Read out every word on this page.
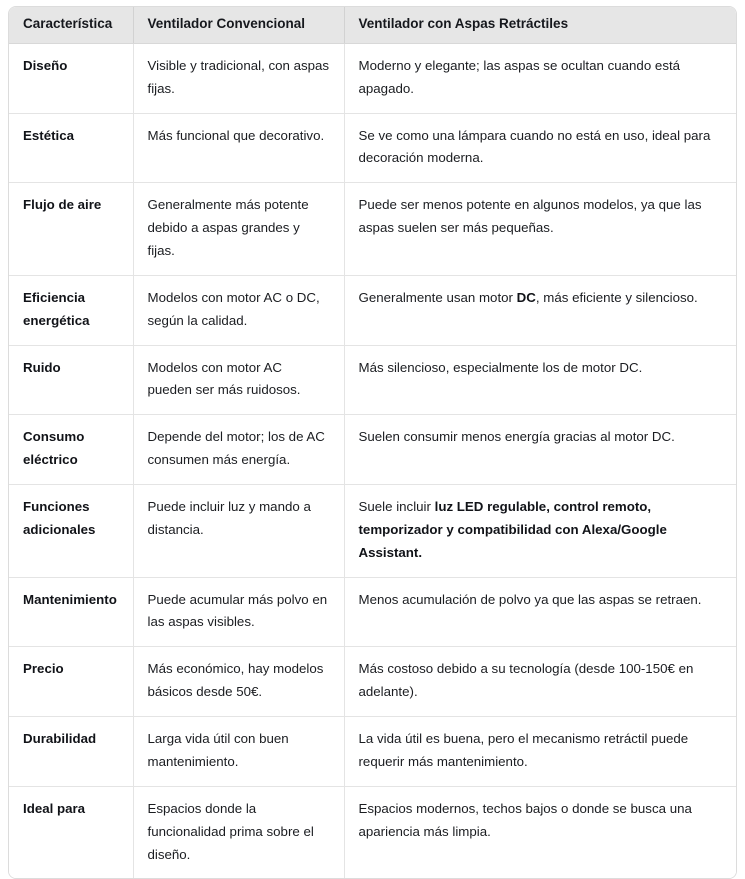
Característica	Ventilador Convencional	Ventilador con Aspas Retráctiles
Diseño	Visible y tradicional, con aspas fijas.	Moderno y elegante; las aspas se ocultan cuando está apagado.
Estética	Más funcional que decorativo.	Se ve como una lámpara cuando no está en uso, ideal para decoración moderna.
Flujo de aire	Generalmente más potente debido a aspas grandes y fijas.	Puede ser menos potente en algunos modelos, ya que las aspas suelen ser más pequeñas.
Eficiencia energética	Modelos con motor AC o DC, según la calidad.	Generalmente usan motor DC, más eficiente y silencioso.
Ruido	Modelos con motor AC pueden ser más ruidosos.	Más silencioso, especialmente los de motor DC.
Consumo eléctrico	Depende del motor; los de AC consumen más energía.	Suelen consumir menos energía gracias al motor DC.
Funciones adicionales	Puede incluir luz y mando a distancia.	Suele incluir luz LED regulable, control remoto, temporizador y compatibilidad con Alexa/Google Assistant.
Mantenimiento	Puede acumular más polvo en las aspas visibles.	Menos acumulación de polvo ya que las aspas se retraen.
Precio	Más económico, hay modelos básicos desde 50€.	Más costoso debido a su tecnología (desde 100-150€ en adelante).
Durabilidad	Larga vida útil con buen mantenimiento.	La vida útil es buena, pero el mecanismo retráctil puede requerir más mantenimiento.
Ideal para	Espacios donde la funcionalidad prima sobre el diseño.	Espacios modernos, techos bajos o donde se busca una apariencia más limpia.
